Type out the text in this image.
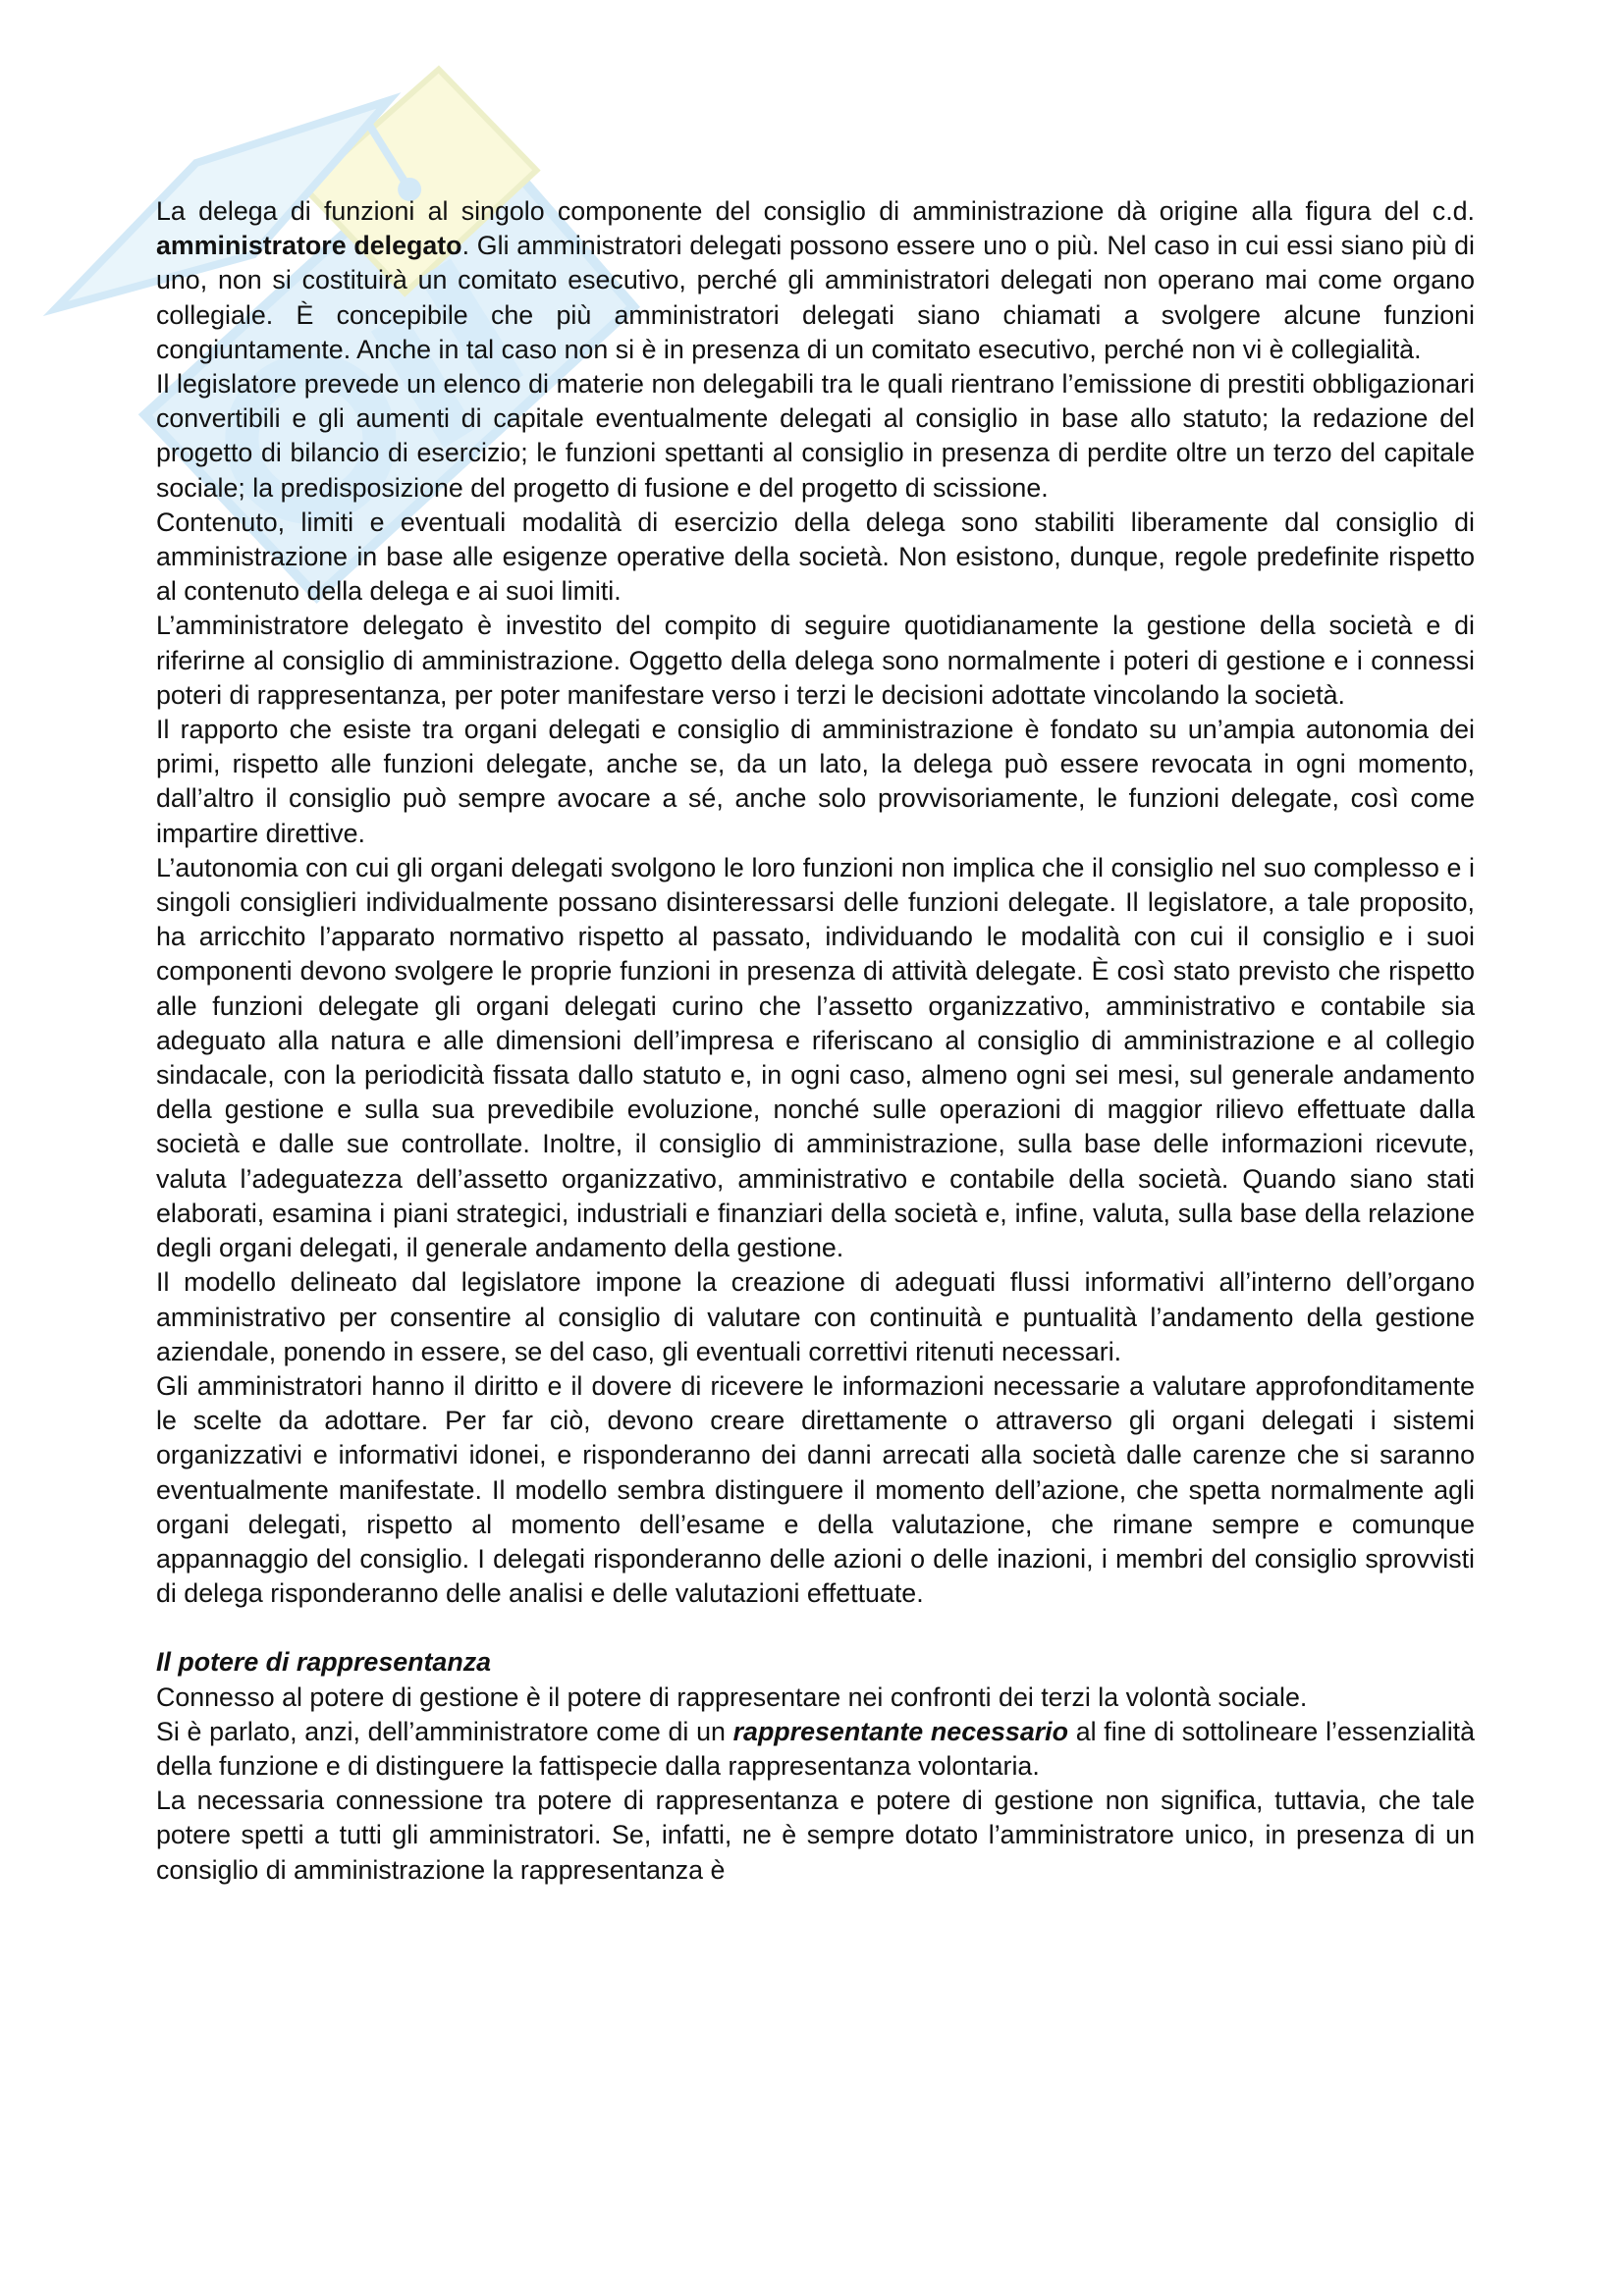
La delega di funzioni al singolo componente del consiglio di amministrazione dà origine alla figura del c.d. amministratore delegato. Gli amministratori delegati possono essere uno o più. Nel caso in cui essi siano più di uno, non si costituirà un comitato esecutivo, perché gli amministratori delegati non operano mai come organo collegiale. È concepibile che più amministratori delegati siano chiamati a svolgere alcune funzioni congiuntamente. Anche in tal caso non si è in presenza di un comitato esecutivo, perché non vi è collegialità.

Il legislatore prevede un elenco di materie non delegabili tra le quali rientrano l’emissione di prestiti obbligazionari convertibili e gli aumenti di capitale eventualmente delegati al consiglio in base allo statuto; la redazione del progetto di bilancio di esercizio; le funzioni spettanti al consiglio in presenza di perdite oltre un terzo del capitale sociale; la predisposizione del progetto di fusione e del progetto di scissione.

Contenuto, limiti e eventuali modalità di esercizio della delega sono stabiliti liberamente dal consiglio di amministrazione in base alle esigenze operative della società. Non esistono, dunque, regole predefinite rispetto al contenuto della delega e ai suoi limiti.

L’amministratore delegato è investito del compito di seguire quotidianamente la gestione della società e di riferirne al consiglio di amministrazione. Oggetto della delega sono normalmente i poteri di gestione e i connessi poteri di rappresentanza, per poter manifestare verso i terzi le decisioni adottate vincolando la società.

Il rapporto che esiste tra organi delegati e consiglio di amministrazione è fondato su un’ampia autonomia dei primi, rispetto alle funzioni delegate, anche se, da un lato, la delega può essere revocata in ogni momento, dall’altro il consiglio può sempre avocare a sé, anche solo provvisoriamente, le funzioni delegate, così come impartire direttive.

L’autonomia con cui gli organi delegati svolgono le loro funzioni non implica che il consiglio nel suo complesso e i singoli consiglieri individualmente possano disinteressarsi delle funzioni delegate. Il legislatore, a tale proposito, ha arricchito l’apparato normativo rispetto al passato, individuando le modalità con cui il consiglio e i suoi componenti devono svolgere le proprie funzioni in presenza di attività delegate. È così stato previsto che rispetto alle funzioni delegate gli organi delegati curino che l’assetto organizzativo, amministrativo e contabile sia adeguato alla natura e alle dimensioni dell’impresa e riferiscano al consiglio di amministrazione e al collegio sindacale, con la periodicità fissata dallo statuto e, in ogni caso, almeno ogni sei mesi, sul generale andamento della gestione e sulla sua prevedibile evoluzione, nonché sulle operazioni di maggior rilievo effettuate dalla società e dalle sue controllate. Inoltre, il consiglio di amministrazione, sulla base delle informazioni ricevute, valuta l’adeguatezza dell’assetto organizzativo, amministrativo e contabile della società. Quando siano stati elaborati, esamina i piani strategici, industriali e finanziari della società e, infine, valuta, sulla base della relazione degli organi delegati, il generale andamento della gestione.

Il modello delineato dal legislatore impone la creazione di adeguati flussi informativi all’interno dell’organo amministrativo per consentire al consiglio di valutare con continuità e puntualità l’andamento della gestione aziendale, ponendo in essere, se del caso, gli eventuali correttivi ritenuti necessari.

Gli amministratori hanno il diritto e il dovere di ricevere le informazioni necessarie a valutare approfonditamente le scelte da adottare. Per far ciò, devono creare direttamente o attraverso gli organi delegati i sistemi organizzativi e informativi idonei, e risponderanno dei danni arrecati alla società dalle carenze che si saranno eventualmente manifestate. Il modello sembra distinguere il momento dell’azione, che spetta normalmente agli organi delegati, rispetto al momento dell’esame e della valutazione, che rimane sempre e comunque appannaggio del consiglio. I delegati risponderanno delle azioni o delle inazioni, i membri del consiglio sprovvisti di delega risponderanno delle analisi e delle valutazioni effettuate.

Il potere di rappresentanza

Connesso al potere di gestione è il potere di rappresentare nei confronti dei terzi la volontà sociale.

Si è parlato, anzi, dell’amministratore come di un rappresentante necessario al fine di sottolineare l’essenzialità della funzione e di distinguere la fattispecie dalla rappresentanza volontaria.

La necessaria connessione tra potere di rappresentanza e potere di gestione non significa, tuttavia, che tale potere spetti a tutti gli amministratori. Se, infatti, ne è sempre dotato l’amministratore unico, in presenza di un consiglio di amministrazione la rappresentanza è
